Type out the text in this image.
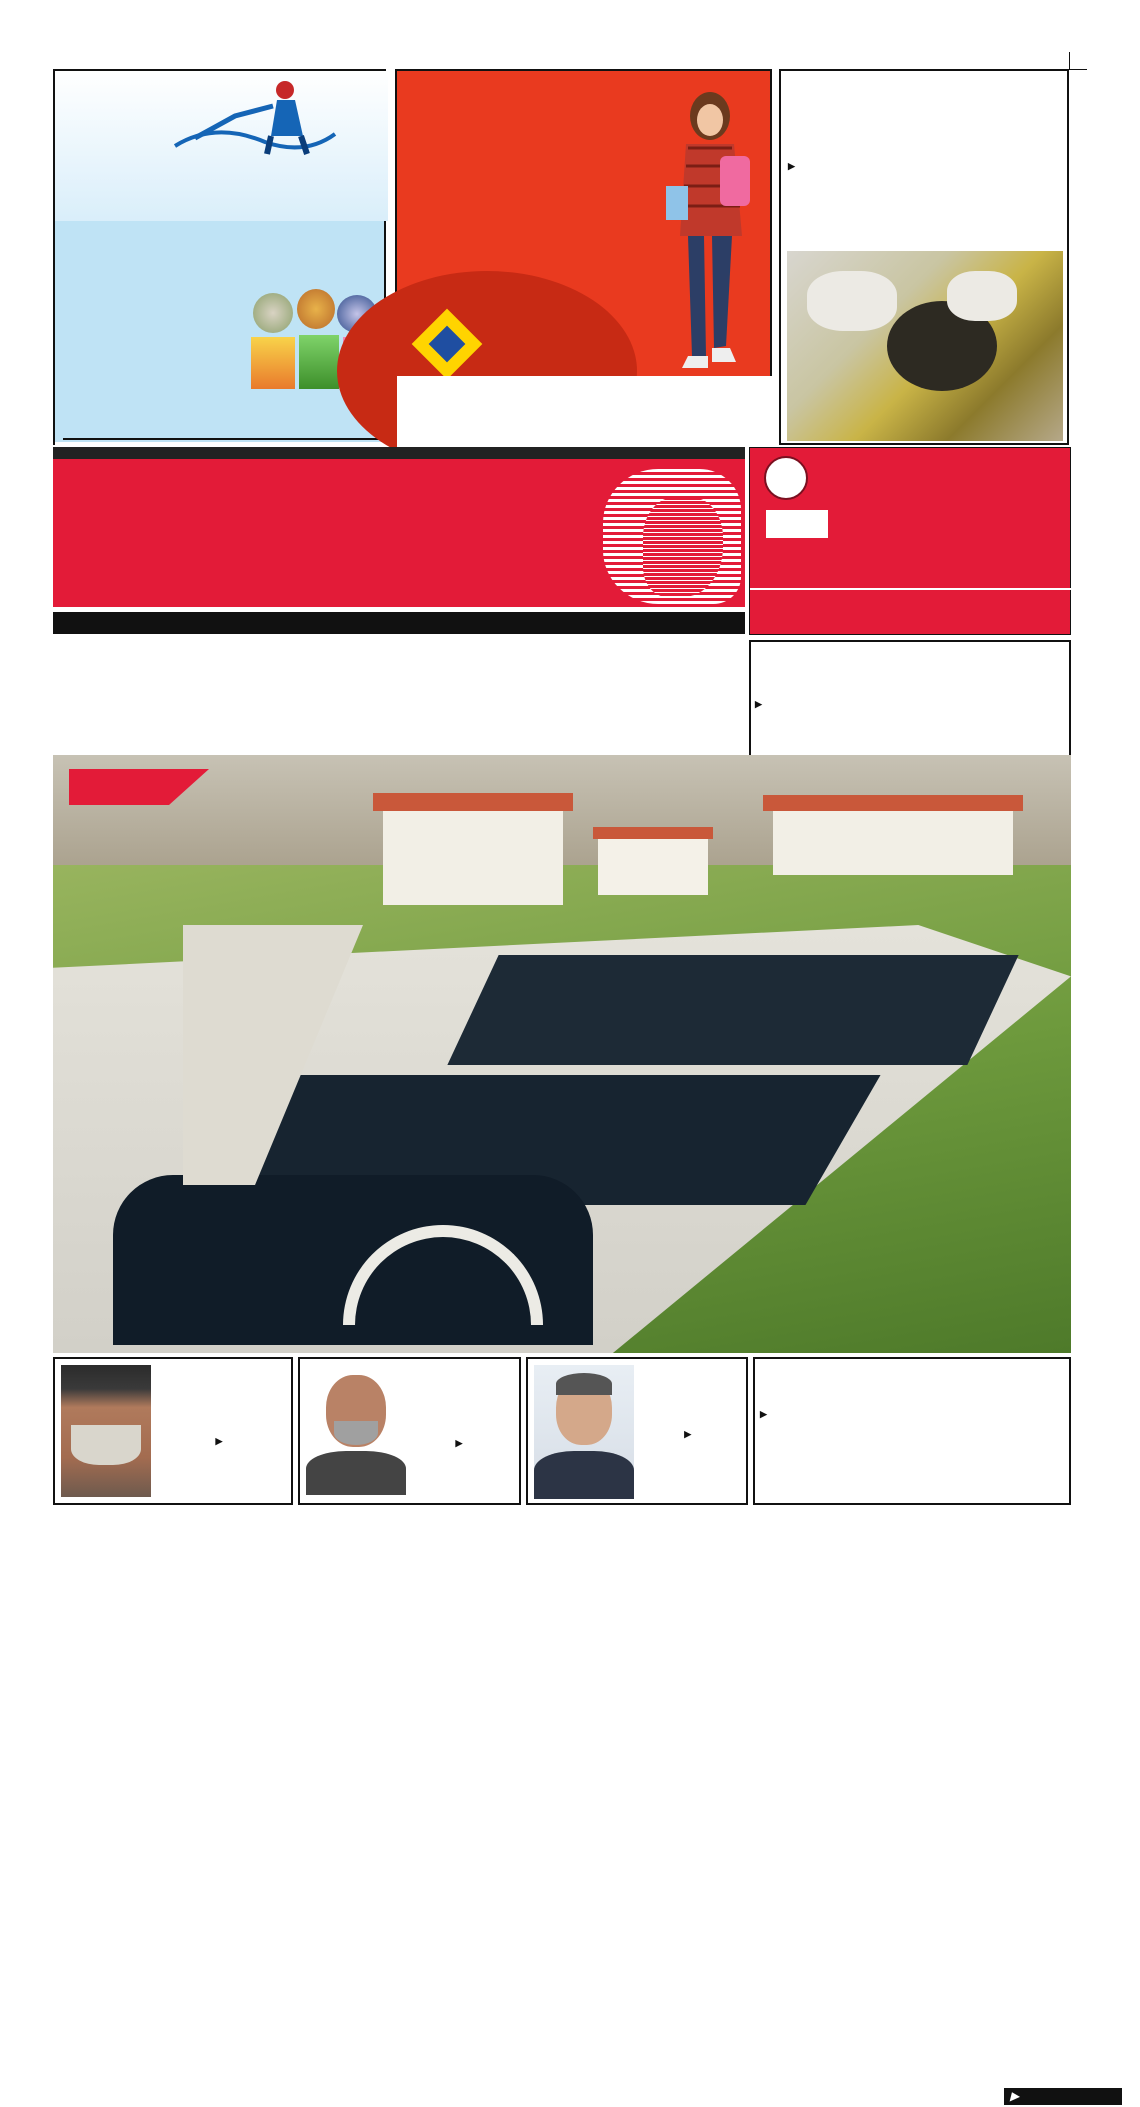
▶
▶
▶
▶	▶
▶
▶
